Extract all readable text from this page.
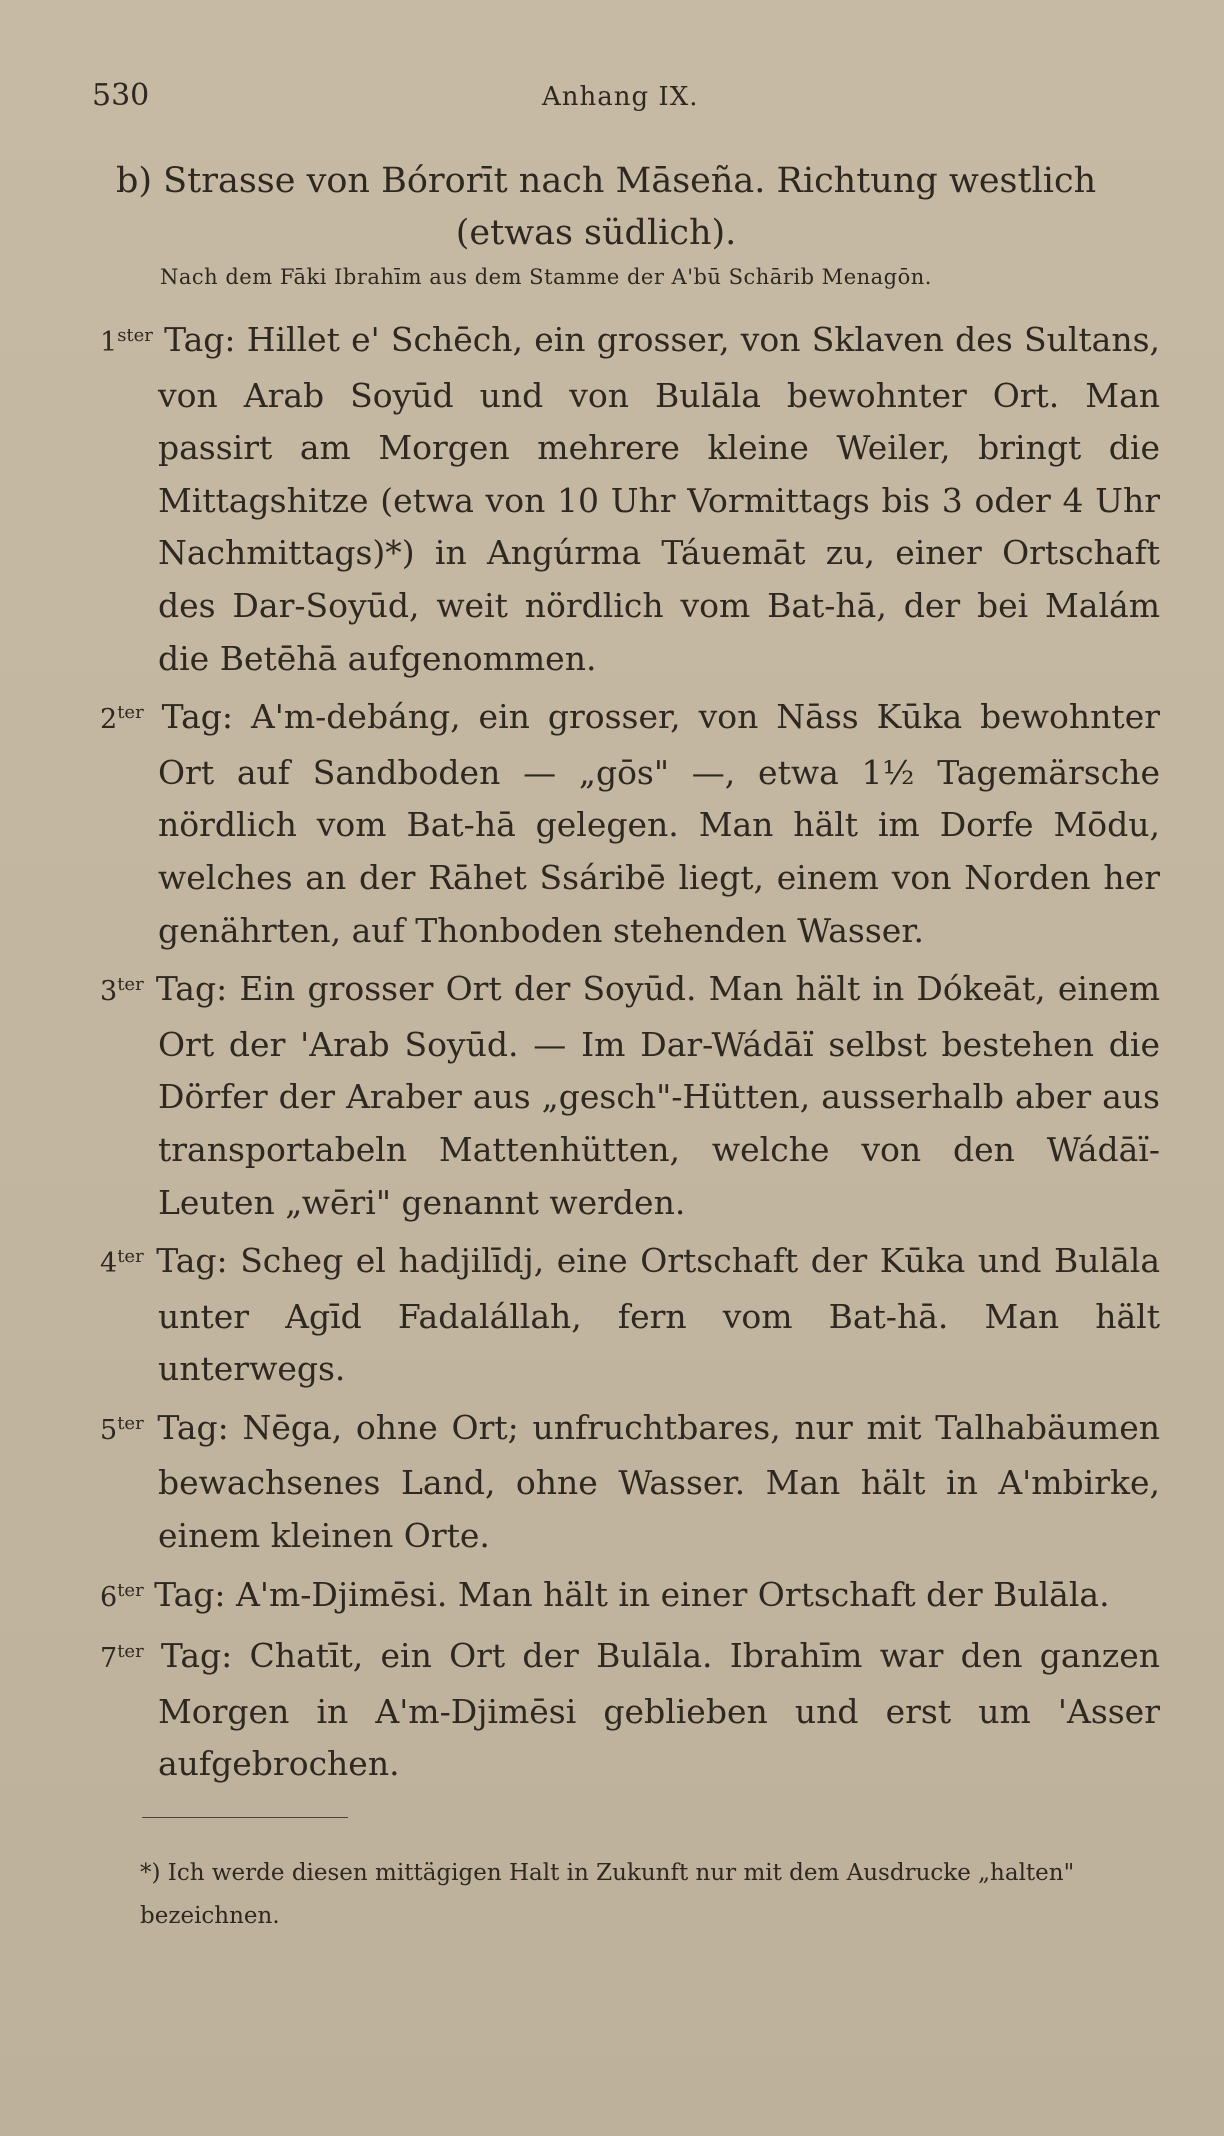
530	Anhang IX.
b) Strasse von Bórorīt nach Māseña. Richtung westlich
(etwas südlich).
Nach dem Fāki Ibrahīm aus dem Stamme der A'bū Schārib Menagōn.

$1^{ster}$ Tag: Hillet e' Schēch, ein grosser, von Sklaven des Sultans, von Arab Soyūd und von Bulāla bewohnter Ort. Man passirt am Morgen mehrere kleine Weiler, bringt die Mittagshitze (etwa von 10 Uhr Vormittags bis 3 oder 4 Uhr Nachmittags)*) in Angúrma Táuemāt zu, einer Ortschaft des Dar-Soyūd, weit nördlich vom Bat-hā, der bei Malám die Betēhā aufgenommen.

$2^{ter}$ Tag: A'm-debáng, ein grosser, von Nāss Kūka bewohnter Ort auf Sandboden — „gōs" —, etwa 1½ Tagemärsche nördlich vom Bat-hā gelegen. Man hält im Dorfe Mōdu, welches an der Rāhet Ssáribē liegt, einem von Norden her genährten, auf Thonboden stehenden Wasser.

$3^{ter}$ Tag: Ein grosser Ort der Soyūd. Man hält in Dókeāt, einem Ort der 'Arab Soyūd. — Im Dar-Wádāï selbst bestehen die Dörfer der Araber aus „gesch"-Hütten, ausserhalb aber aus transportabeln Mattenhütten, welche von den Wádāï-Leuten „wēri" genannt werden.

$4^{ter}$ Tag: Scheg el hadjilīdj, eine Ortschaft der Kūka und Bulāla unter Agīd Fadalállah, fern vom Bat-hā. Man hält unterwegs.

$5^{ter}$ Tag: Nēga, ohne Ort; unfruchtbares, nur mit Talhabäumen bewachsenes Land, ohne Wasser. Man hält in A'mbirke, einem kleinen Orte.

$6^{ter}$ Tag: A'm-Djimēsi. Man hält in einer Ortschaft der Bulāla.

$7^{ter}$ Tag: Chatīt, ein Ort der Bulāla. Ibrahīm war den ganzen Morgen in A'm-Djimēsi geblieben und erst um 'Asser aufgebrochen.

*) Ich werde diesen mittägigen Halt in Zukunft nur mit dem Ausdrucke „halten" bezeichnen.
